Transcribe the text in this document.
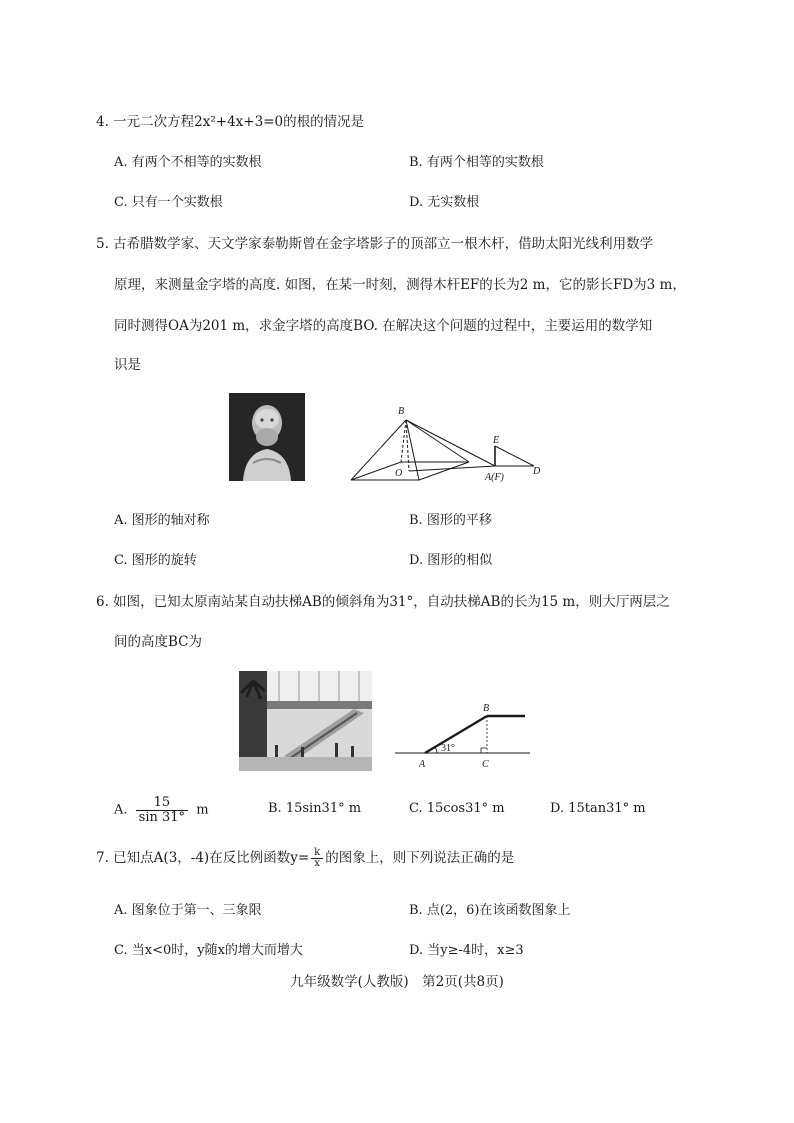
4. 一元二次方程2x²+4x+3=0的根的情况是
A. 有两个不相等的实数根	B. 有两个相等的实数根
C. 只有一个实数根	D. 无实数根
5. 古希腊数学家、天文学家泰勒斯曾在金字塔影子的顶部立一根木杆，借助太阳光线利用数学
原理，来测量金字塔的高度. 如图，在某一时刻，测得木杆EF的长为2 m，它的影长FD为3 m，
同时测得OA为201 m，求金字塔的高度BO. 在解决这个问题的过程中，主要运用的数学知
识是
B
O	A(F)
E
D
A. 图形的轴对称	B. 图形的平移
C. 图形的旋转	D. 图形的相似
6. 如图，已知太原南站某自动扶梯AB的倾斜角为31°，自动扶梯AB的长为15 m，则大厅两层之
间的高度BC为
A
B
C
31°
A. $\frac{15}{\sin 31^\circ}$ m	B. 15sin31° m	C. 15cos31° m	D. 15tan31° m
7. 已知点A(3，-4)在反比例函数$y= \frac{k}{x}$ 的图象上，则下列说法正确的是
A. 图象位于第一、三象限	B. 点(2，6)在该函数图象上
C. 当x<0时，y随x的增大而增大	D. 当y≥-4时，x≥3
九年级数学(人教版)　第2页(共8页)
